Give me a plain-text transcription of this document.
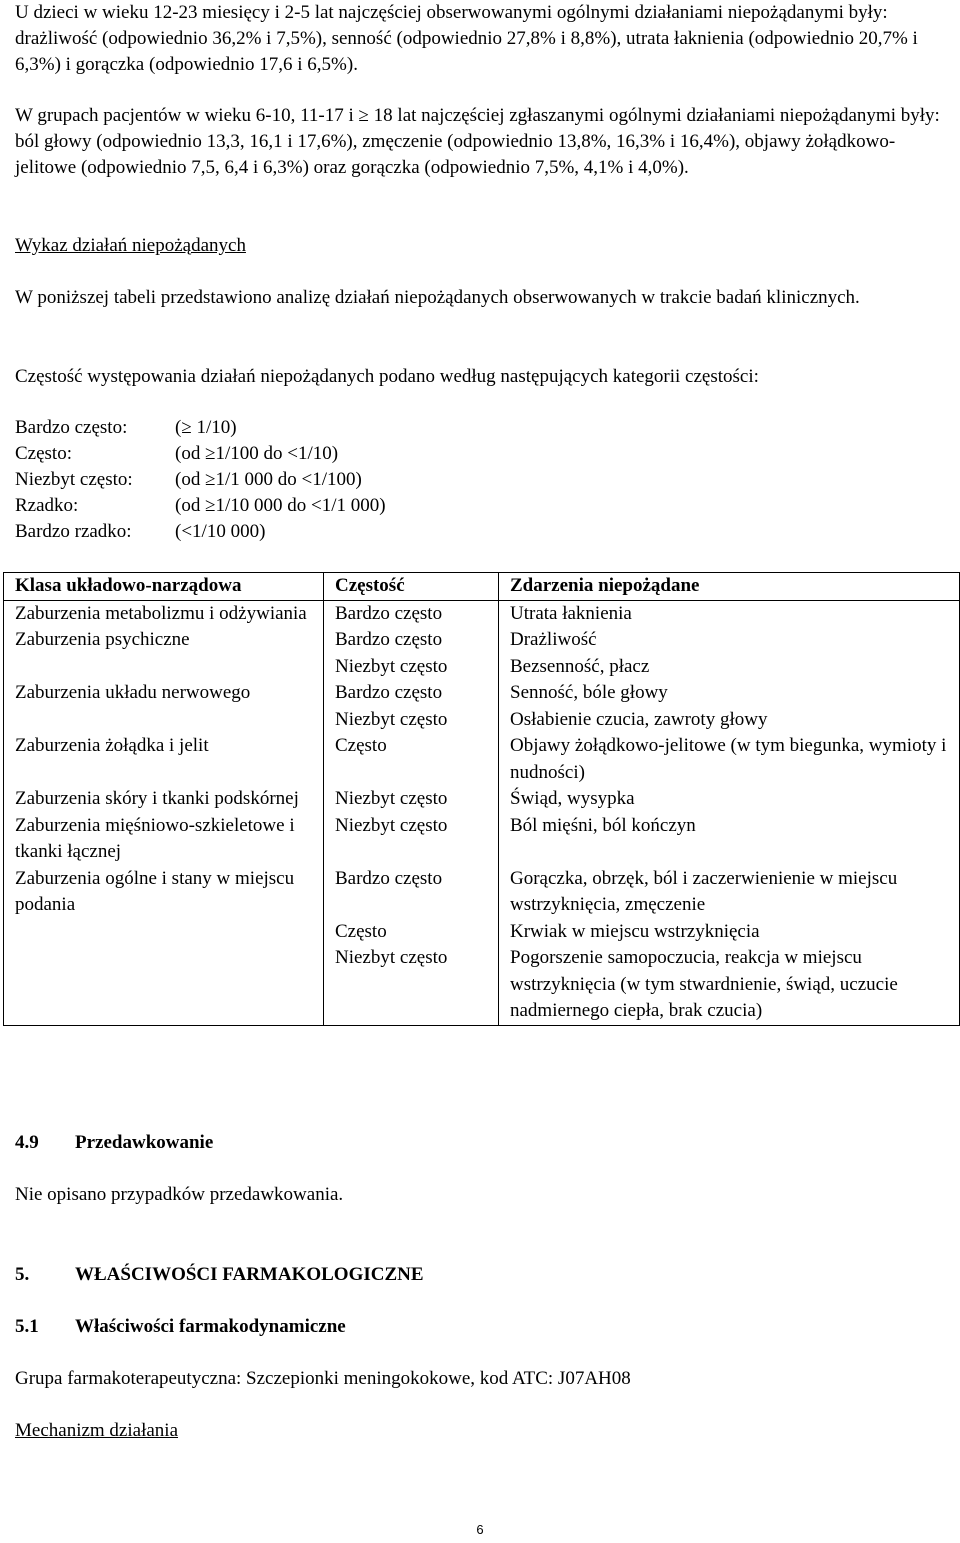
U dzieci w wieku 12-23 miesięcy i 2-5 lat najczęściej obserwowanymi ogólnymi działaniami niepożądanymi były: drażliwość (odpowiednio 36,2% i 7,5%), senność (odpowiednio 27,8% i 8,8%), utrata łaknienia (odpowiednio 20,7% i 6,3%) i gorączka (odpowiednio 17,6 i 6,5%).

W grupach pacjentów w wieku 6-10, 11-17 i ≥ 18 lat najczęściej zgłaszanymi ogólnymi działaniami niepożądanymi były: ból głowy (odpowiednio 13,3, 16,1 i 17,6%), zmęczenie (odpowiednio 13,8%, 16,3% i 16,4%), objawy żołądkowo-jelitowe (odpowiednio 7,5, 6,4 i 6,3%) oraz gorączka (odpowiednio 7,5%, 4,1% i 4,0%).

Wykaz działań niepożądanych

W poniższej tabeli przedstawiono analizę działań niepożądanych obserwowanych w trakcie badań klinicznych.

Częstość występowania działań niepożądanych podano według następujących kategorii częstości:

Bardzo często:	(≥ 1/10)
Często:	(od ≥1/100 do <1/10)
Niezbyt często: (od ≥1/1 000 do <1/100)
Rzadko:	(od ≥1/10 000 do <1/1 000)
Bardzo rzadko: (<1/10 000)
Klasa układowo-narządowa	Częstość	Zdarzenia niepożądane
Zaburzenia metabolizmu i odżywiania	Bardzo często	Utrata łaknienia
Zaburzenia psychiczne	Bardzo często	Drażliwość
	Niezbyt często	Bezsenność, płacz
Zaburzenia układu nerwowego	Bardzo często	Senność, bóle głowy
	Niezbyt często	Osłabienie czucia, zawroty głowy
Zaburzenia żołądka i jelit	Często	Objawy żołądkowo-jelitowe (w tym biegunka, wymioty i nudności)
Zaburzenia skóry i tkanki podskórnej	Niezbyt często	Świąd, wysypka
Zaburzenia mięśniowo-szkieletowe i tkanki łącznej	Niezbyt często	Ból mięśni, ból kończyn
Zaburzenia ogólne i stany w miejscu podania	Bardzo często	Gorączka, obrzęk, ból i zaczerwienienie w miejscu wstrzyknięcia, zmęczenie
	Często	Krwiak w miejscu wstrzyknięcia
	Niezbyt często	Pogorszenie samopoczucia, reakcja w miejscu wstrzyknięcia (w tym stwardnienie, świąd, uczucie nadmiernego ciepła, brak czucia)
4.9 Przedawkowanie

Nie opisano przypadków przedawkowania.

5. WŁAŚCIWOŚCI FARMAKOLOGICZNE
5.1 Właściwości farmakodynamiczne

Grupa farmakoterapeutyczna: Szczepionki meningokokowe, kod ATC: J07AH08

Mechanizm działania

6
